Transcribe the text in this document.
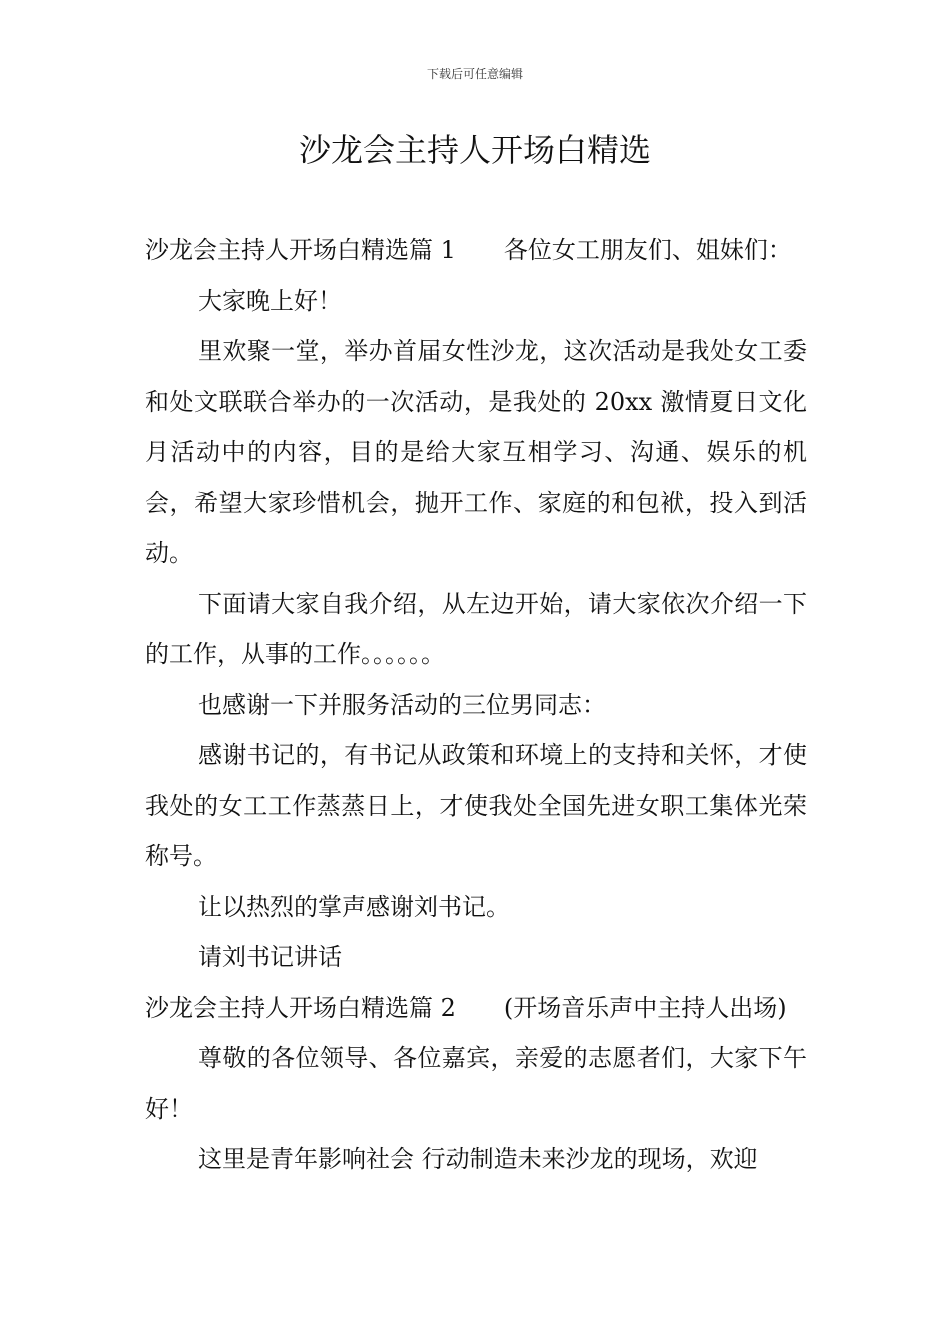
下载后可任意编辑
沙龙会主持人开场白精选

沙龙会主持人开场白精选篇 1 各位女工朋友们、姐妹们：

大家晚上好！

里欢聚一堂，举办首届女性沙龙，这次活动是我处女工委和处文联联合举办的一次活动，是我处的 20xx 激情夏日文化月活动中的内容，目的是给大家互相学习、沟通、娱乐的机会，希望大家珍惜机会，抛开工作、家庭的和包袱，投入到活动。

下面请大家自我介绍，从左边开始，请大家依次介绍一下的工作，从事的工作。。。。。。

也感谢一下并服务活动的三位男同志：

感谢书记的，有书记从政策和环境上的支持和关怀，才使我处的女工工作蒸蒸日上，才使我处全国先进女职工集体光荣称号。

让以热烈的掌声感谢刘书记。

请刘书记讲话

沙龙会主持人开场白精选篇 2 (开场音乐声中主持人出场)

尊敬的各位领导、各位嘉宾，亲爱的志愿者们，大家下午好！

这里是青年影响社会 行动制造未来沙龙的现场，欢迎
